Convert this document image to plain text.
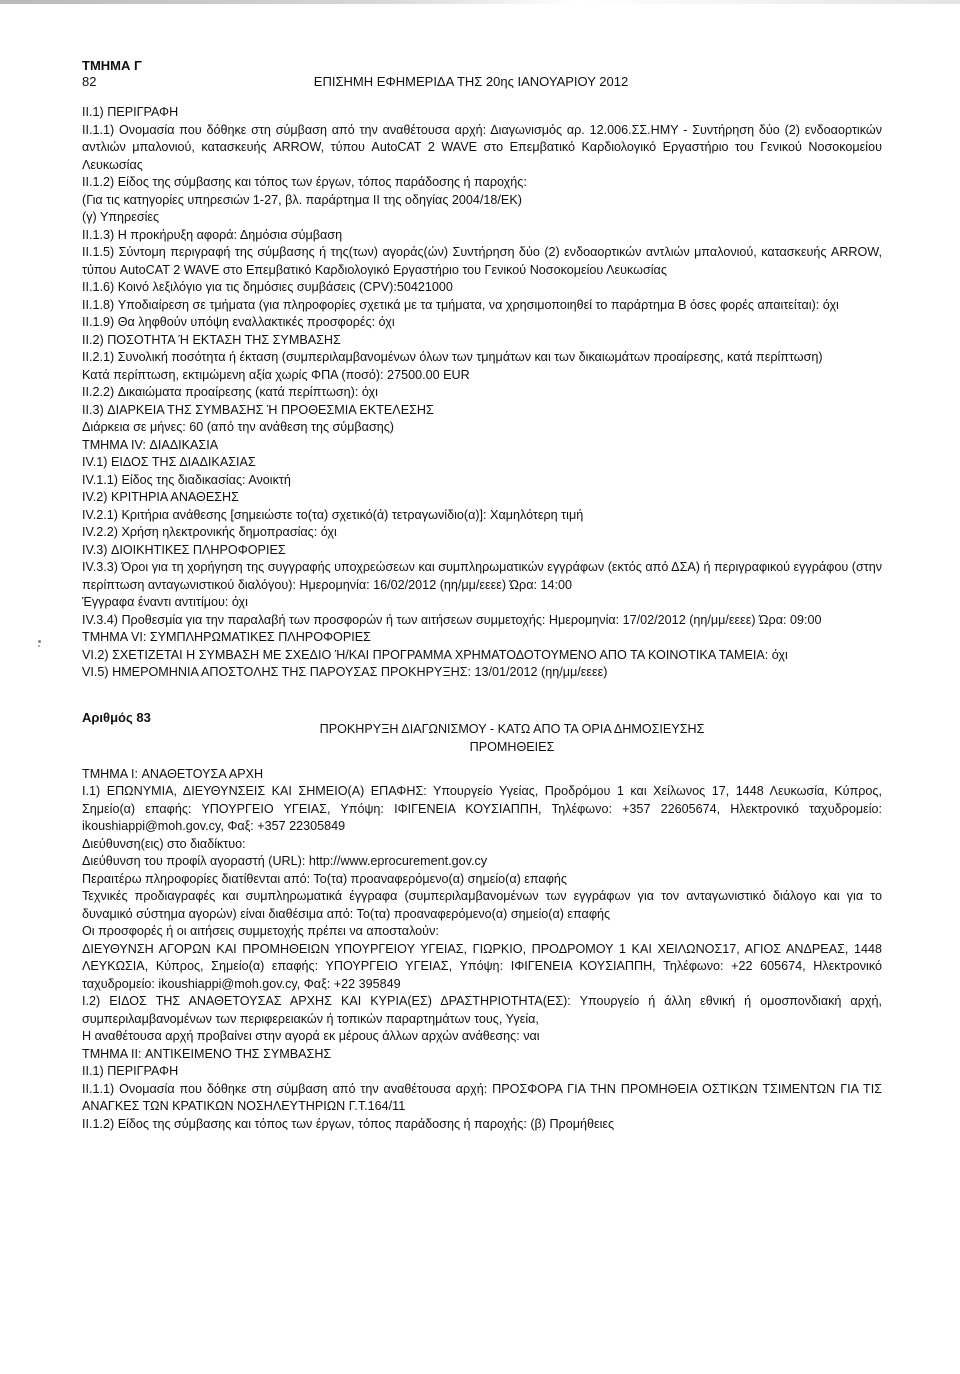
ΤΜΗΜΑ Γ
82	ΕΠΙΣΗΜΗ ΕΦΗΜΕΡΙΔΑ ΤΗΣ 20ης ΙΑΝΟΥΑΡΙΟΥ 2012
II.1) ΠΕΡΙΓΡΑΦΗ
II.1.1) Ονομασία που δόθηκε στη σύμβαση από την αναθέτουσα αρχή: Διαγωνισμός αρ. 12.006.ΣΣ.ΗΜΥ - Συντήρηση δύο (2) ενδοαορτικών αντλιών μπαλονιού, κατασκευής ARROW, τύπου AutoCAT 2 WAVE στο Επεμβατικό Καρδιολογικό Εργαστήριο του Γενικού Νοσοκομείου Λευκωσίας
II.1.2) Είδος της σύμβασης και τόπος των έργων, τόπος παράδοσης ή παροχής:
(Για τις κατηγορίες υπηρεσιών 1-27, βλ. παράρτημα II της οδηγίας 2004/18/ΕΚ)
(γ) Υπηρεσίες
II.1.3) Η προκήρυξη αφορά: Δημόσια σύμβαση
II.1.5) Σύντομη περιγραφή της σύμβασης ή της(των) αγοράς(ών) Συντήρηση δύο (2) ενδοαορτικών αντλιών μπαλονιού, κατασκευής ARROW, τύπου AutoCAT 2 WAVE στο Επεμβατικό Καρδιολογικό Εργαστήριο του Γενικού Νοσοκομείου Λευκωσίας
II.1.6) Κοινό λεξιλόγιο για τις δημόσιες συμβάσεις (CPV):50421000
II.1.8) Υποδιαίρεση σε τμήματα (για πληροφορίες σχετικά με τα τμήματα, να χρησιμοποιηθεί το παράρτημα Β όσες φορές απαιτείται): όχι
II.1.9) Θα ληφθούν υπόψη εναλλακτικές προσφορές: όχι
II.2) ΠΟΣΟΤΗΤΑ Ή ΕΚΤΑΣΗ ΤΗΣ ΣΥΜΒΑΣΗΣ
II.2.1) Συνολική ποσότητα ή έκταση (συμπεριλαμβανομένων όλων των τμημάτων και των δικαιωμάτων προαίρεσης, κατά περίπτωση)
Κατά περίπτωση, εκτιμώμενη αξία χωρίς ΦΠΑ (ποσό): 27500.00 EUR
II.2.2) Δικαιώματα προαίρεσης (κατά περίπτωση): όχι
II.3) ΔΙΑΡΚΕΙΑ ΤΗΣ ΣΥΜΒΑΣΗΣ Ή ΠΡΟΘΕΣΜΙΑ ΕΚΤΕΛΕΣΗΣ
Διάρκεια σε μήνες: 60 (από την ανάθεση της σύμβασης)
ΤΜΗΜΑ IV: ΔΙΑΔΙΚΑΣΙΑ
IV.1) ΕΙΔΟΣ ΤΗΣ ΔΙΑΔΙΚΑΣΙΑΣ
IV.1.1) Είδος της διαδικασίας: Ανοικτή
IV.2) ΚΡΙΤΗΡΙΑ ΑΝΑΘΕΣΗΣ
IV.2.1) Κριτήρια ανάθεσης [σημειώστε το(τα) σχετικό(ά) τετραγωνίδιο(α)]: Χαμηλότερη τιμή
IV.2.2) Χρήση ηλεκτρονικής δημοπρασίας: όχι
IV.3) ΔΙΟΙΚΗΤΙΚΕΣ ΠΛΗΡΟΦΟΡΙΕΣ
IV.3.3) Όροι για τη χορήγηση της συγγραφής υποχρεώσεων και συμπληρωματικών εγγράφων (εκτός από ΔΣΑ) ή περιγραφικού εγγράφου (στην περίπτωση ανταγωνιστικού διαλόγου): Ημερομηνία: 16/02/2012 (ηη/μμ/εεεε) Ώρα: 14:00
Έγγραφα έναντι αντιτίμου: όχι
IV.3.4) Προθεσμία για την παραλαβή των προσφορών ή των αιτήσεων συμμετοχής: Ημερομηνία: 17/02/2012 (ηη/μμ/εεεε) Ώρα: 09:00
ΤΜΗΜΑ VI: ΣΥΜΠΛΗΡΩΜΑΤΙΚΕΣ ΠΛΗΡΟΦΟΡΙΕΣ
VI.2) ΣΧΕΤΙΖΕΤΑΙ Η ΣΥΜΒΑΣΗ ΜΕ ΣΧΕΔΙΟ Ή/ΚΑΙ ΠΡΟΓΡΑΜΜΑ ΧΡΗΜΑΤΟΔΟΤΟΥΜΕΝΟ ΑΠΟ ΤΑ ΚΟΙΝΟΤΙΚΑ ΤΑΜΕΙΑ: όχι
VI.5) ΗΜΕΡΟΜΗΝΙΑ ΑΠΟΣΤΟΛΗΣ ΤΗΣ ΠΑΡΟΥΣΑΣ ΠΡΟΚΗΡΥΞΗΣ: 13/01/2012 (ηη/μμ/εεεε)
Αριθμός 83
ΠΡΟΚΗΡΥΞΗ ΔΙΑΓΩΝΙΣΜΟΥ - ΚΑΤΩ ΑΠΟ ΤΑ ΟΡΙΑ ΔΗΜΟΣΙΕΥΣΗΣ
ΠΡΟΜΗΘΕΙΕΣ
ΤΜΗΜΑ I: ΑΝΑΘΕΤΟΥΣΑ ΑΡΧΗ
I.1) ΕΠΩΝΥΜΙΑ, ΔΙΕΥΘΥΝΣΕΙΣ ΚΑΙ ΣΗΜΕΙΟ(Α) ΕΠΑΦΗΣ: Υπουργείο Υγείας, Προδρόμου 1 και Χείλωνος 17, 1448 Λευκωσία, Κύπρος, Σημείο(α) επαφής: ΥΠΟΥΡΓΕΙΟ ΥΓΕΙΑΣ, Υπόψη: ΙΦΙΓΕΝΕΙΑ ΚΟΥΣΙΑΠΠΗ, Τηλέφωνο: +357 22605674, Ηλεκτρονικό ταχυδρομείο: ikoushiappi@moh.gov.cy, Φαξ: +357 22305849
Διεύθυνση(εις) στο διαδίκτυο:
Διεύθυνση του προφίλ αγοραστή (URL): http://www.eprocurement.gov.cy
Περαιτέρω πληροφορίες διατίθενται από: Το(τα) προαναφερόμενο(α) σημείο(α) επαφής
Τεχνικές προδιαγραφές και συμπληρωματικά έγγραφα (συμπεριλαμβανομένων των εγγράφων για τον ανταγωνιστικό διάλογο και για το δυναμικό σύστημα αγορών) είναι διαθέσιμα από: Το(τα) προαναφερόμενο(α) σημείο(α) επαφής
Οι προσφορές ή οι αιτήσεις συμμετοχής πρέπει να αποσταλούν:
ΔΙΕΥΘΥΝΣΗ ΑΓΟΡΩΝ ΚΑΙ ΠΡΟΜΗΘΕΙΩΝ ΥΠΟΥΡΓΕΙΟΥ ΥΓΕΙΑΣ, ΓΙΩΡΚΙΟ, ΠΡΟΔΡΟΜΟΥ 1 ΚΑΙ ΧΕΙΛΩΝΟΣ17, ΑΓΙΟΣ ΑΝΔΡΕΑΣ, 1448 ΛΕΥΚΩΣΙΑ, Κύπρος, Σημείο(α) επαφής: ΥΠΟΥΡΓΕΙΟ ΥΓΕΙΑΣ, Υπόψη: ΙΦΙΓΕΝΕΙΑ ΚΟΥΣΙΑΠΠΗ, Τηλέφωνο: +22 605674, Ηλεκτρονικό ταχυδρομείο: ikoushiappi@moh.gov.cy, Φαξ: +22 395849
I.2) ΕΙΔΟΣ ΤΗΣ ΑΝΑΘΕΤΟΥΣΑΣ ΑΡΧΗΣ ΚΑΙ ΚΥΡΙΑ(ΕΣ) ΔΡΑΣΤΗΡΙΟΤΗΤΑ(ΕΣ): Υπουργείο ή άλλη εθνική ή ομοσπονδιακή αρχή, συμπεριλαμβανομένων των περιφερειακών ή τοπικών παραρτημάτων τους, Υγεία,
Η αναθέτουσα αρχή προβαίνει στην αγορά εκ μέρους άλλων αρχών ανάθεσης: ναι
ΤΜΗΜΑ II: ΑΝΤΙΚΕΙΜΕΝΟ ΤΗΣ ΣΥΜΒΑΣΗΣ
II.1) ΠΕΡΙΓΡΑΦΗ
II.1.1) Ονομασία που δόθηκε στη σύμβαση από την αναθέτουσα αρχή: ΠΡΟΣΦΟΡΑ ΓΙΑ ΤΗΝ ΠΡΟΜΗΘΕΙΑ ΟΣΤΙΚΩΝ ΤΣΙΜΕΝΤΩΝ ΓΙΑ ΤΙΣ ΑΝΑΓΚΕΣ ΤΩΝ ΚΡΑΤΙΚΩΝ ΝΟΣΗΛΕΥΤΗΡΙΩΝ Γ.Τ.164/11
II.1.2) Είδος της σύμβασης και τόπος των έργων, τόπος παράδοσης ή παροχής: (β) Προμήθειες
